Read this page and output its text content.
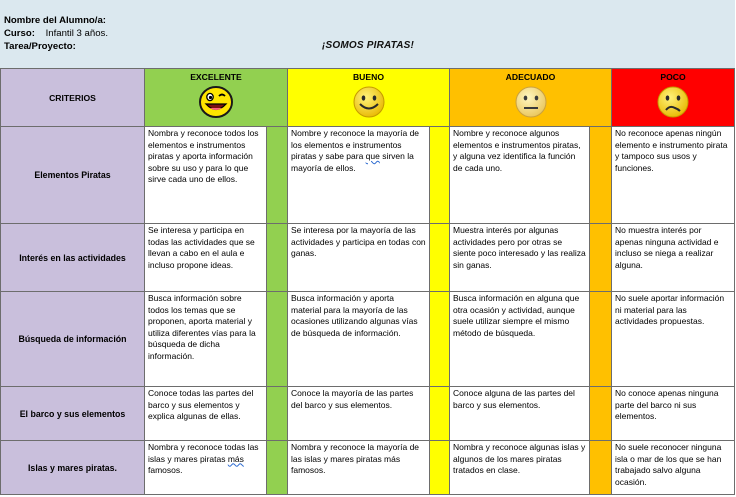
Nombre del Alumno/a:
Curso: Infantil 3 años.
Tarea/Proyecto:	¡SOMOS PIRATAS!
CRITERIOS	EXCELENTE		BUENO		ADECUADO		POCO

Elementos Piratas	Nombra y reconoce todos los elementos e instrumentos piratas y aporta información sobre su uso y para lo que sirve cada uno de ellos.		Nombre y reconoce la mayoría de los elementos e instrumentos piratas y sabe para que sirven la mayoría de ellos.		Nombre y reconoce algunos elementos e instrumentos piratas, y alguna vez identifica la función de cada uno.		No reconoce apenas ningún elemento e instrumento pirata y tampoco sus usos y funciones.
Interés en las actividades	Se interesa y participa en todas las actividades que se llevan a cabo en el aula e incluso propone ideas.		Se interesa por la mayoría de las actividades y participa en todas con ganas.		Muestra interés por algunas actividades pero por otras se siente poco interesado y las realiza sin ganas.		No muestra interés por apenas ninguna actividad e incluso se niega a realizar alguna.
Búsqueda de información	Busca información sobre todos los temas que se proponen, aporta material y utiliza diferentes vías para la búsqueda de dicha información.		Busca información y aporta material para la mayoría de las ocasiones utilizando algunas vías de búsqueda de información.		Busca información en alguna que otra ocasión y actividad, aunque suele utilizar siempre el mismo método de búsqueda.		No suele aportar información ni material para las actividades propuestas.
El barco y sus elementos	Conoce todas las partes del barco y sus elementos y explica algunas de ellas.		Conoce la mayoría de las partes del barco y sus elementos.		Conoce alguna de las partes del barco y sus elementos.		No conoce apenas ninguna parte del barco ni sus elementos.
Islas y mares piratas.	Nombra y reconoce todas las islas y mares piratas más famosos.		Nombra y reconoce la mayoría de las islas y mares piratas más famosos.		Nombra y reconoce algunas islas y algunos de los mares piratas tratados en clase.		No suele reconocer ninguna isla o mar de los que se han trabajado salvo alguna ocasión.
